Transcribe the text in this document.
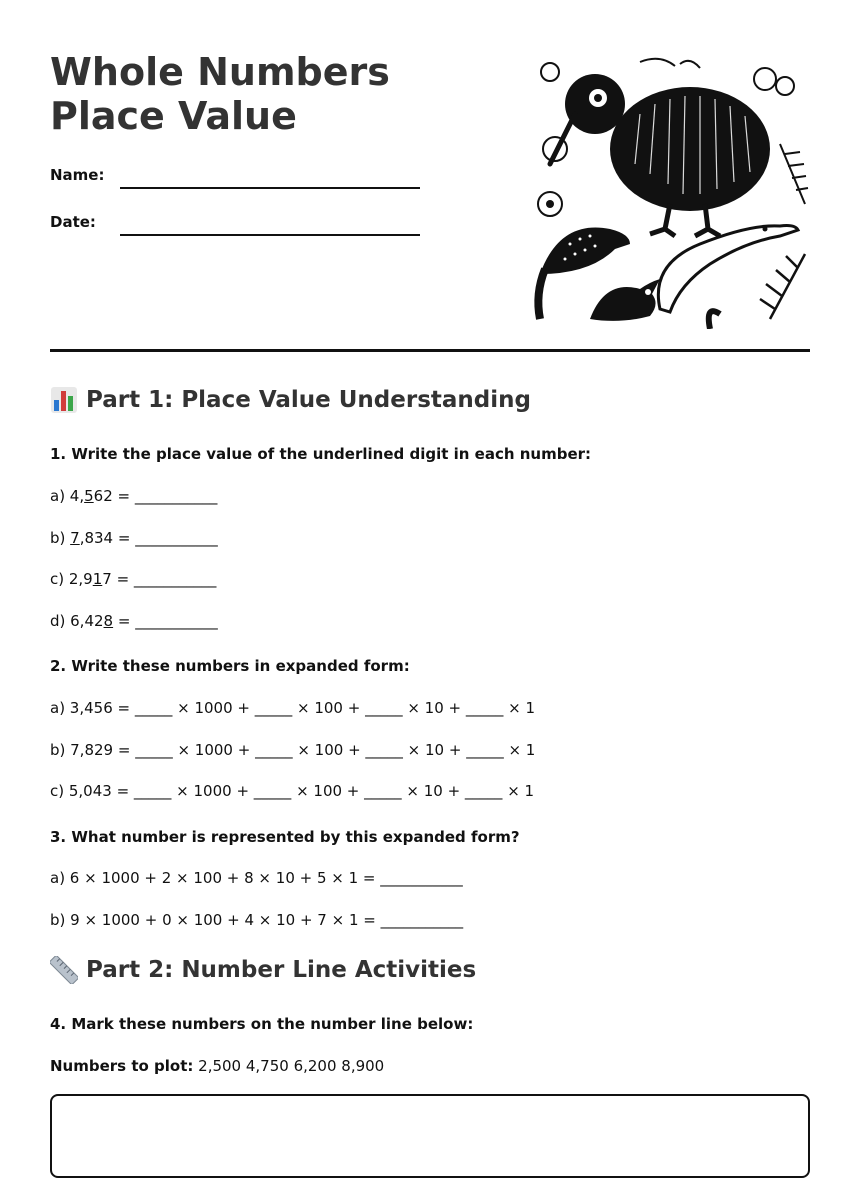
Whole Numbers Place Value
Name:
Date:
Part 1: Place Value Understanding
1. Write the place value of the underlined digit in each number:
a) 4,562 = ___________
b) 7,834 = ___________
c) 2,917 = ___________
d) 6,428 = ___________
2. Write these numbers in expanded form:
a) 3,456 = _____ × 1000 + _____ × 100 + _____ × 10 + _____ × 1
b) 7,829 = _____ × 1000 + _____ × 100 + _____ × 10 + _____ × 1
c) 5,043 = _____ × 1000 + _____ × 100 + _____ × 10 + _____ × 1
3. What number is represented by this expanded form?
a) 6 × 1000 + 2 × 100 + 8 × 10 + 5 × 1 = ___________
b) 9 × 1000 + 0 × 100 + 4 × 10 + 7 × 1 = ___________
Part 2: Number Line Activities
4. Mark these numbers on the number line below:
Numbers to plot: 2,500 4,750 6,200 8,900
